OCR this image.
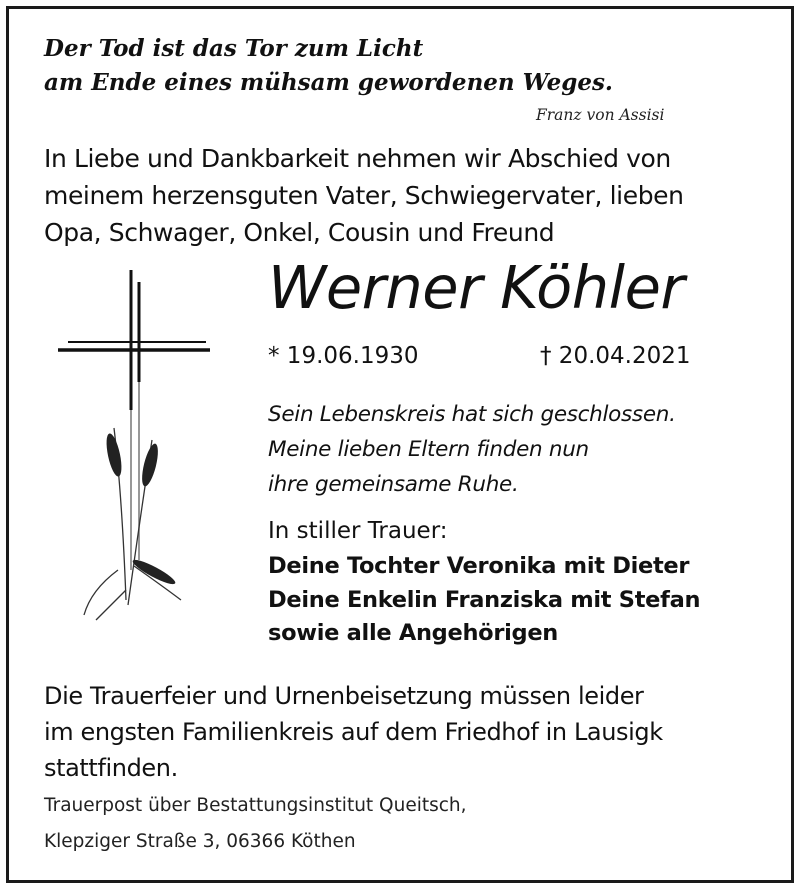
Der Tod ist das Tor zum Licht
am Ende eines mühsam gewordenen Weges.

Franz von Assisi

In Liebe und Dankbarkeit nehmen wir Abschied von
meinem herzensguten Vater, Schwiegervater, lieben
Opa, Schwager, Onkel, Cousin und Freund

Werner Köhler

* 19.06.1930	† 20.04.2021

Sein Lebenskreis hat sich geschlossen.
Meine lieben Eltern finden nun
ihre gemeinsame Ruhe.

In stiller Trauer:

Deine Tochter Veronika mit Dieter
Deine Enkelin Franziska mit Stefan
sowie alle Angehörigen
Die Trauerfeier und Urnenbeisetzung müssen leider
im engsten Familienkreis auf dem Friedhof in Lausigk
stattfinden.
Trauerpost über Bestattungsinstitut Queitsch,
Klepziger Straße 3, 06366 Köthen
